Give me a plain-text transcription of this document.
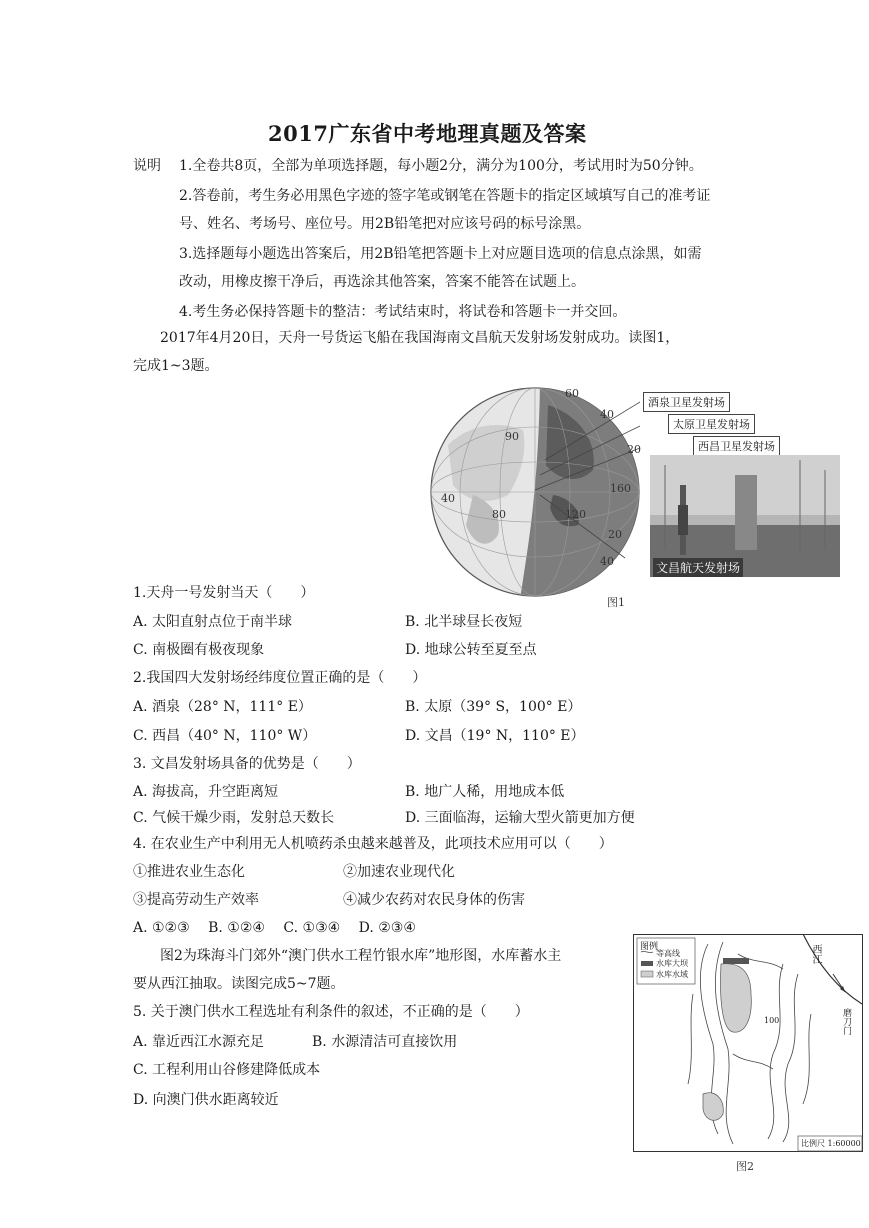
2017广东省中考地理真题及答案
说明 1.全卷共8页，全部为单项选择题，每小题2分，满分为100分，考试用时为50分钟。
2.答卷前，考生务必用黑色字迹的签字笔或钢笔在答题卡的指定区域填写自己的准考证
号、姓名、考场号、座位号。用2B铅笔把对应该号码的标号涂黑。
3.选择题每小题选出答案后，用2B铅笔把答题卡上对应题目选项的信息点涂黑，如需
改动，用橡皮擦干净后，再选涂其他答案，答案不能答在试题上。
4.考生务必保持答题卡的整洁：考试结束时，将试卷和答题卡一并交回。
2017年4月20日，天舟一号货运飞船在我国海南文昌航天发射场发射成功。读图1，
完成1~3题。
60
90
40
20
160
40
80	120
20
40
酒泉卫星发射场
太原卫星发射场
西昌卫星发射场
文昌航天发射场
图1
1.天舟一号发射当天（　　）
A. 太阳直射点位于南半球	B. 北半球昼长夜短
C. 南极圈有极夜现象	D. 地球公转至夏至点
2.我国四大发射场经纬度位置正确的是（　　）
A. 酒泉（28° N，111° E）	B. 太原（39° S，100° E）
C. 西昌（40° N，110° W）	D. 文昌（19° N，110° E）
3. 文昌发射场具备的优势是（　　）
A. 海拔高，升空距离短	B. 地广人稀，用地成本低
C. 气候干燥少雨，发射总天数长	D. 三面临海，运输大型火箭更加方便
4. 在农业生产中利用无人机喷药杀虫越来越普及，此项技术应用可以（　　）
①推进农业生态化	②加速农业现代化
③提高劳动生产效率	④减少农药对农民身体的伤害
A. ①②③　 B. ①②④　 C. ①③④　 D. ②③④
图2为珠海斗门郊外“澳门供水工程竹银水库”地形图，水库蓄水主
要从西江抽取。读图完成5~7题。
5. 关于澳门供水工程选址有利条件的叙述，不正确的是（　　）
A. 靠近西江水源充足	B. 水源清洁可直接饮用
C. 工程利用山谷修建降低成本
D. 向澳门供水距离较近
图例
等高线
水库大坝
水库水域
西江
磨刀门
100
比例尺 1:60000
图2
